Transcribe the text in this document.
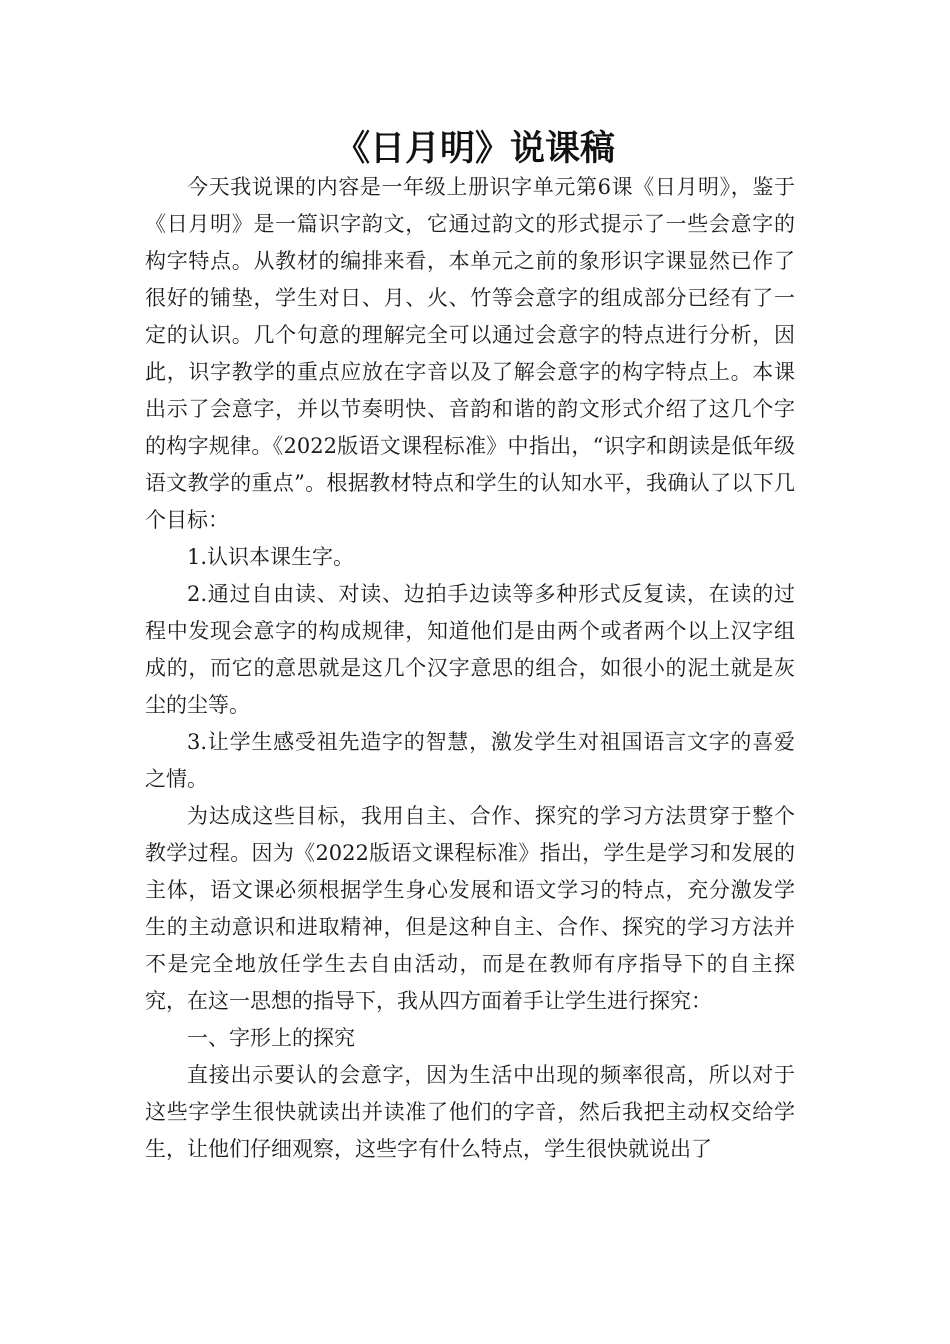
《日月明》说课稿

今天我说课的内容是一年级上册识字单元第6课《日月明》，鉴于《日月明》是一篇识字韵文，它通过韵文的形式提示了一些会意字的构字特点。从教材的编排来看，本单元之前的象形识字课显然已作了很好的铺垫，学生对日、月、火、竹等会意字的组成部分已经有了一定的认识。几个句意的理解完全可以通过会意字的特点进行分析，因此，识字教学的重点应放在字音以及了解会意字的构字特点上。本课出示了会意字，并以节奏明快、音韵和谐的韵文形式介绍了这几个字的构字规律。《2022版语文课程标准》中指出，“识字和朗读是低年级语文教学的重点”。根据教材特点和学生的认知水平，我确认了以下几个目标：

1.认识本课生字。

2.通过自由读、对读、边拍手边读等多种形式反复读，在读的过程中发现会意字的构成规律，知道他们是由两个或者两个以上汉字组成的，而它的意思就是这几个汉字意思的组合，如很小的泥土就是灰尘的尘等。

3.让学生感受祖先造字的智慧，激发学生对祖国语言文字的喜爱之情。

为达成这些目标，我用自主、合作、探究的学习方法贯穿于整个教学过程。因为《2022版语文课程标准》指出，学生是学习和发展的主体，语文课必须根据学生身心发展和语文学习的特点，充分激发学生的主动意识和进取精神，但是这种自主、合作、探究的学习方法并不是完全地放任学生去自由活动，而是在教师有序指导下的自主探究，在这一思想的指导下，我从四方面着手让学生进行探究：

一、字形上的探究

直接出示要认的会意字，因为生活中出现的频率很高，所以对于这些字学生很快就读出并读准了他们的字音，然后我把主动权交给学生，让他们仔细观察，这些字有什么特点，学生很快就说出了
